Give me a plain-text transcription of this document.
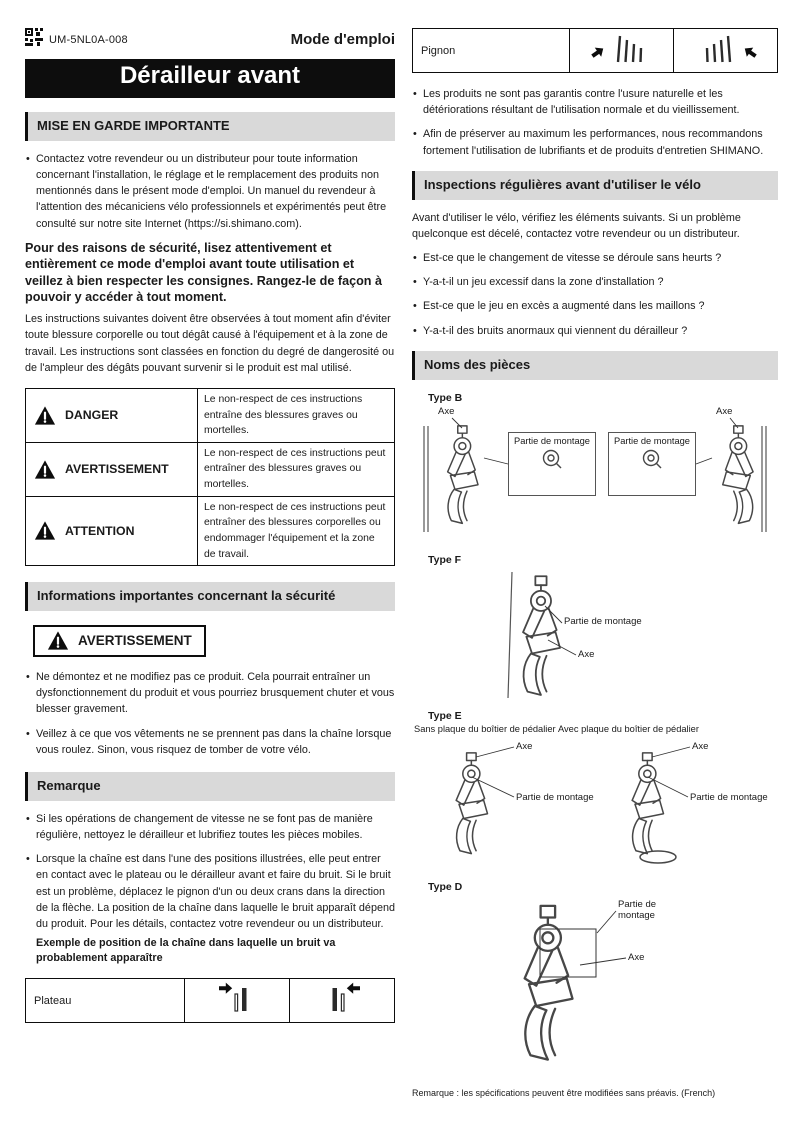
UM-5NL0A-008	Mode d'emploi
Dérailleur avant
MISE EN GARDE IMPORTANTE
• Contactez votre revendeur ou un distributeur pour toute information concernant l'installation, le réglage et le remplacement des produits non mentionnés dans le présent mode d'emploi. Un manuel du revendeur à l'attention des mécaniciens vélo professionnels et expérimentés peut être consulté sur notre site Internet (https://si.shimano.com).

Pour des raisons de sécurité, lisez attentivement et entièrement ce mode d'emploi avant toute utilisation et veillez à bien respecter les consignes. Rangez-le de façon à pouvoir y accéder à tout moment.

Les instructions suivantes doivent être observées à tout moment afin d'éviter toute blessure corporelle ou tout dégât causé à l'équipement et à la zone de travail. Les instructions sont classées en fonction du degré de dangerosité ou de l'ampleur des dégâts pouvant survenir si le produit est mal utilisé.

DANGER	Le non-respect de ces instructions entraîne des blessures graves ou mortelles.

AVERTISSEMENT	Le non-respect de ces instructions peut entraîner des blessures graves ou mortelles.

ATTENTION	Le non-respect de ces instructions peut entraîner des blessures corporelles ou endommager l'équipement et la zone de travail.
Informations importantes concernant la sécurité
AVERTISSEMENT
• Ne démontez et ne modifiez pas ce produit. Cela pourrait entraîner un dysfonctionnement du produit et vous pourriez brusquement chuter et vous blesser gravement.
• Veillez à ce que vos vêtements ne se prennent pas dans la chaîne lorsque vous roulez. Sinon, vous risquez de tomber de votre vélo.
Remarque
• Si les opérations de changement de vitesse ne se font pas de manière régulière, nettoyez le dérailleur et lubrifiez toutes les pièces mobiles.
• Lorsque la chaîne est dans l'une des positions illustrées, elle peut entrer en contact avec le plateau ou le dérailleur avant et faire du bruit. Si le bruit est un problème, déplacez le pignon d'un ou deux crans dans la direction de la flèche. La position de la chaîne dans laquelle le bruit apparaît dépend du produit. Pour les détails, contactez votre revendeur ou un distributeur.
Exemple de position de la chaîne dans laquelle un bruit va probablement apparaître
Plateau		
Pignon		
• Les produits ne sont pas garantis contre l'usure naturelle et les détériorations résultant de l'utilisation normale et du vieillissement.
• Afin de préserver au maximum les performances, nous recommandons fortement l'utilisation de lubrifiants et de produits d'entretien SHIMANO.
Inspections régulières avant d'utiliser le vélo

Avant d'utiliser le vélo, vérifiez les éléments suivants. Si un problème quelconque est décelé, contactez votre revendeur ou un distributeur.

• Est-ce que le changement de vitesse se déroule sans heurts ?
• Y-a-t-il un jeu excessif dans la zone d'installation ?
• Est-ce que le jeu en excès a augmenté dans les maillons ?
• Y-a-t-il des bruits anormaux qui viennent du dérailleur ?
Noms des pièces
Type B
Axe	Axe
Partie de montage	Partie de montage

Type F
Partie de montage
Axe
Type E
Sans plaque du boîtier de pédalier Avec plaque du boîtier de pédalier
Axe
Partie de montage
Axe
Partie de montage
Type D
Partie de montage
Axe
Remarque : les spécifications peuvent être modifiées sans préavis. (French)
